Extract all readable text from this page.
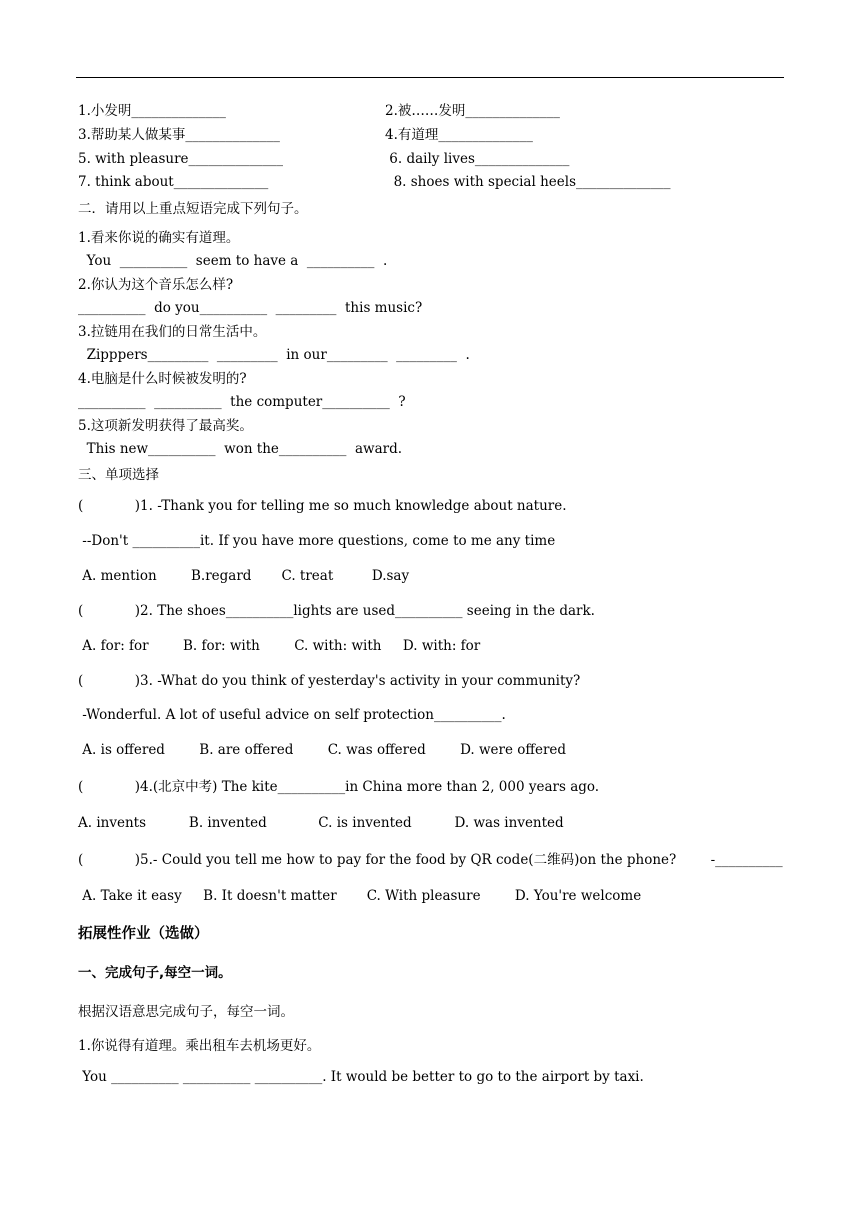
1.小发明______________	2.被……发明______________
3.帮助某人做某事______________	4.有道理______________
5. with pleasure______________	6. daily lives______________
7. think about______________	8. shoes with special heels______________
二．请用以上重点短语完成下列句子。
1.看来你说的确实有道理。
You  __________  seem to have a  __________  .
2.你认为这个音乐怎么样?
__________  do you__________  _________  this music?
3.拉链用在我们的日常生活中。
Zipppers_________  _________  in our_________  _________  .
4.电脑是什么时候被发明的?
__________  __________  the computer__________  ?
5.这项新发明获得了最高奖。
This new__________  won the__________  award.
三、单项选择
(            )1. -Thank you for telling me so much knowledge about nature.
--Don't __________it. If you have more questions, come to me any time
A. mention        B.regard       C. treat         D.say
(            )2. The shoes__________lights are used__________ seeing in the dark.
A. for: for        B. for: with        C. with: with     D. with: for
(            )3. -What do you think of yesterday's activity in your community?
-Wonderful. A lot of useful advice on self protection__________.
A. is offered        B. are offered        C. was offered        D. were offered
(            )4.(北京中考) The kite__________in China more than 2, 000 years ago.
A. invents          B. invented            C. is invented          D. was invented
(            )5.- Could you tell me how to pay for the food by QR code(二维码)on the phone?        -__________
A. Take it easy     B. It doesn't matter       C. With pleasure        D. You're welcome
拓展性作业（选做）
一、完成句子,每空一词。
根据汉语意思完成句子，每空一词。
1.你说得有道理。乘出租车去机场更好。
You __________ __________ __________. It would be better to go to the airport by taxi.
